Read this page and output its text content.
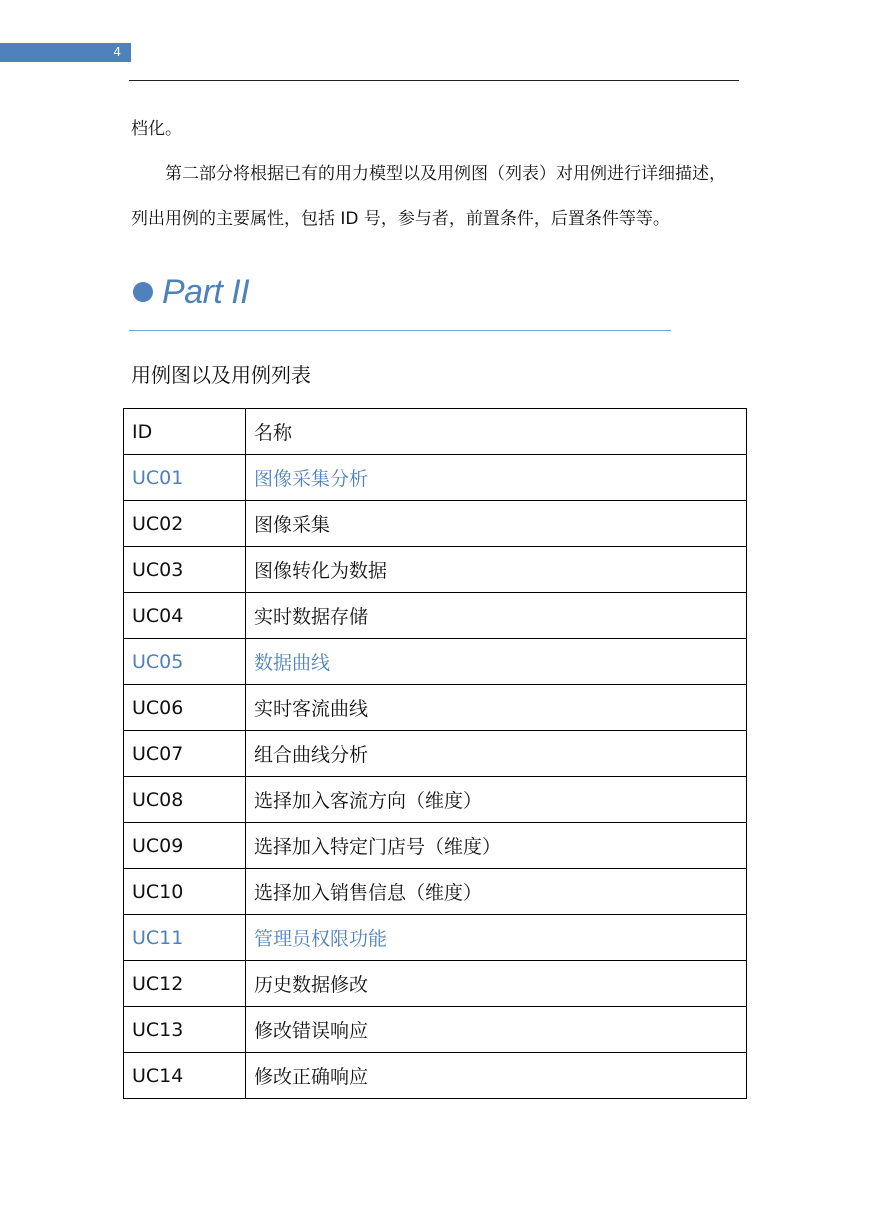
4

档化。

第二部分将根据已有的用力模型以及用例图（列表）对用例进行详细描述，

列出用例的主要属性，包括 ID 号，参与者，前置条件，后置条件等等。

Part II
用例图以及用例列表
ID	名称
UC01	图像采集分析
UC02	图像采集
UC03	图像转化为数据
UC04	实时数据存储
UC05	数据曲线
UC06	实时客流曲线
UC07	组合曲线分析
UC08	选择加入客流方向（维度）
UC09	选择加入特定门店号（维度）
UC10	选择加入销售信息（维度）
UC11	管理员权限功能
UC12	历史数据修改
UC13	修改错误响应
UC14	修改正确响应
